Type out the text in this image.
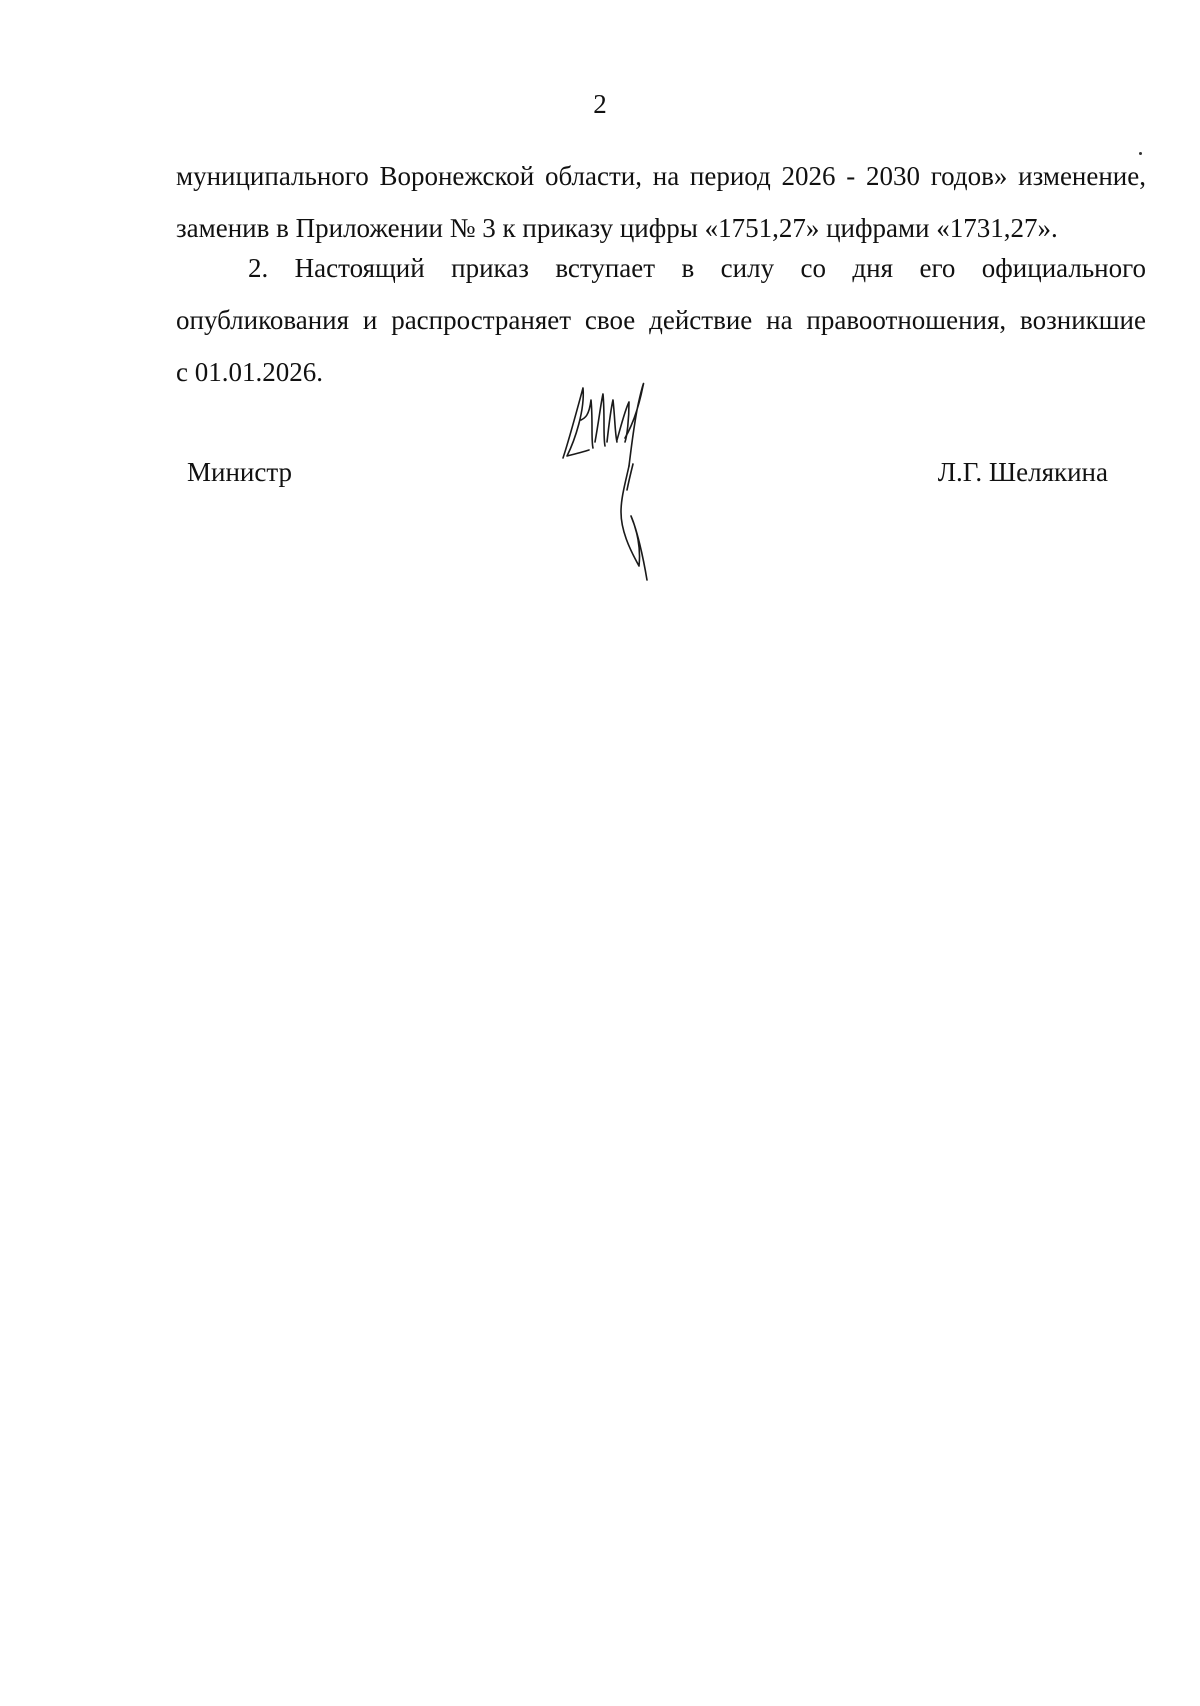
2
муниципального Воронежской области, на период 2026 - 2030 годов» изменение,
заменив в Приложении № 3 к приказу цифры «1751,27» цифрами «1731,27».
2. Настоящий приказ вступает в силу со дня его официального
опубликования и распространяет свое действие на правоотношения, возникшие
с 01.01.2026.
Министр	Л.Г. Шелякина
